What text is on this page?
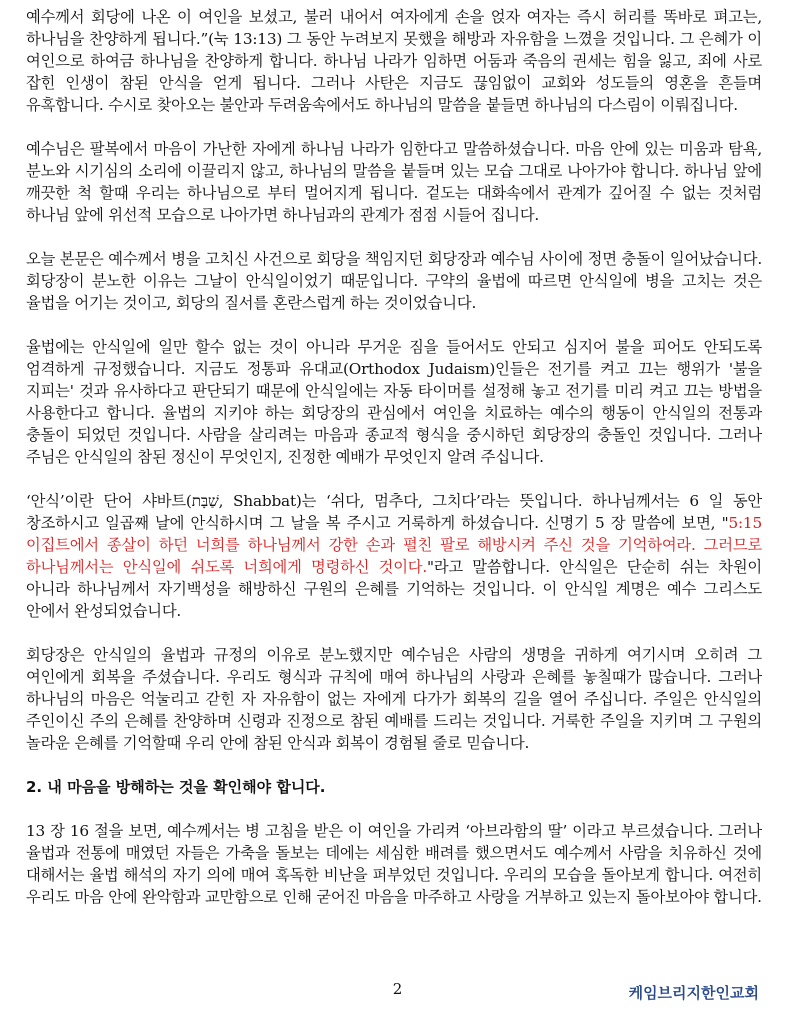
예수께서 회당에 나온 이 여인을 보셨고, 불러 내어서 여자에게 손을 얹자 여자는 즉시 허리를 똑바로 펴고는, 하나님을 찬양하게 됩니다.”(눅 13:13) 그 동안 누려보지 못했을 해방과 자유함을 느꼈을 것입니다. 그 은혜가 이 여인으로 하여금 하나님을 찬양하게 합니다. 하나님 나라가 임하면 어둠과 죽음의 권세는 힘을 잃고, 죄에 사로 잡힌 인생이 참된 안식을 얻게 됩니다. 그러나 사탄은 지금도 끊임없이 교회와 성도들의 영혼을 흔들며 유혹합니다. 수시로 찾아오는 불안과 두려움속에서도 하나님의 말씀을 붙들면 하나님의 다스림이 이뤄집니다.

예수님은 팔복에서 마음이 가난한 자에게 하나님 나라가 임한다고 말씀하셨습니다. 마음 안에 있는 미움과 탐욕, 분노와 시기심의 소리에 이끌리지 않고, 하나님의 말씀을 붙들며 있는 모습 그대로 나아가야 합니다. 하나님 앞에 깨끗한 척 할때 우리는 하나님으로 부터 멀어지게 됩니다. 겉도는 대화속에서 관계가 깊어질 수 없는 것처럼 하나님 앞에 위선적 모습으로 나아가면 하나님과의 관계가 점점 시들어 집니다.

오늘 본문은 예수께서 병을 고치신 사건으로 회당을 책임지던 회당장과 예수님 사이에 정면 충돌이 일어났습니다. 회당장이 분노한 이유는 그날이 안식일이었기 때문입니다. 구약의 율법에 따르면 안식일에 병을 고치는 것은 율법을 어기는 것이고, 회당의 질서를 혼란스럽게 하는 것이었습니다.

율법에는 안식일에 일만 할수 없는 것이 아니라 무거운 짐을 들어서도 안되고 심지어 불을 피어도 안되도록 엄격하게 규정했습니다. 지금도 정통파 유대교(Orthodox Judaism)인들은 전기를 켜고 끄는 행위가 '불을 지피는' 것과 유사하다고 판단되기 때문에 안식일에는 자동 타이머를 설정해 놓고 전기를 미리 켜고 끄는 방법을 사용한다고 합니다. 율법의 지키야 하는 회당장의 관심에서 여인을 치료하는 예수의 행동이 안식일의 전통과 충돌이 되었던 것입니다. 사람을 살리려는 마음과 종교적 형식을 중시하던 회당장의 충돌인 것입니다. 그러나 주님은 안식일의 참된 정신이 무엇인지, 진정한 예배가 무엇인지 알려 주십니다.

‘안식’이란 단어 샤바트(שַׁבָּת, Shabbat)는 ‘쉬다, 멈추다, 그치다’라는 뜻입니다. 하나님께서는 6 일 동안 창조하시고 일곱째 날에 안식하시며 그 날을 복 주시고 거룩하게 하셨습니다. 신명기 5 장 말씀에 보면, "5:15 이집트에서 종살이 하던 너희를 하나님께서 강한 손과 펼친 팔로 해방시켜 주신 것을 기억하여라. 그러므로 하나님께서는 안식일에 쉬도록 너희에게 명령하신 것이다."라고 말씀합니다. 안식일은 단순히 쉬는 차원이 아니라 하나님께서 자기백성을 해방하신 구원의 은혜를 기억하는 것입니다. 이 안식일 계명은 예수 그리스도 안에서 완성되었습니다.

회당장은 안식일의 율법과 규정의 이유로 분노했지만 예수님은 사람의 생명을 귀하게 여기시며 오히려 그 여인에게 회복을 주셨습니다. 우리도 형식과 규칙에 매여 하나님의 사랑과 은혜를 놓칠때가 많습니다. 그러나 하나님의 마음은 억눌리고 갇힌 자 자유함이 없는 자에게 다가가 회복의 길을 열어 주십니다. 주일은 안식일의 주인이신 주의 은혜를 찬양하며 신령과 진정으로 참된 예배를 드리는 것입니다. 거룩한 주일을 지키며 그 구원의 놀라운 은혜를 기억할때 우리 안에 참된 안식과 회복이 경험될 줄로 믿습니다.

2. 내 마음을 방해하는 것을 확인해야 합니다.

13 장 16 절을 보면, 예수께서는 병 고침을 받은 이 여인을 가리켜 ‘아브라함의 딸’ 이라고 부르셨습니다. 그러나 율법과 전통에 매였던 자들은 가축을 돌보는 데에는 세심한 배려를 했으면서도 예수께서 사람을 치유하신 것에 대해서는 율법 해석의 자기 의에 매여 혹독한 비난을 퍼부었던 것입니다. 우리의 모습을 돌아보게 합니다. 여전히 우리도 마음 안에 완악함과 교만함으로 인해 굳어진 마음을 마주하고 사랑을 거부하고 있는지 돌아보아야 합니다.

2	케임브리지한인교회
